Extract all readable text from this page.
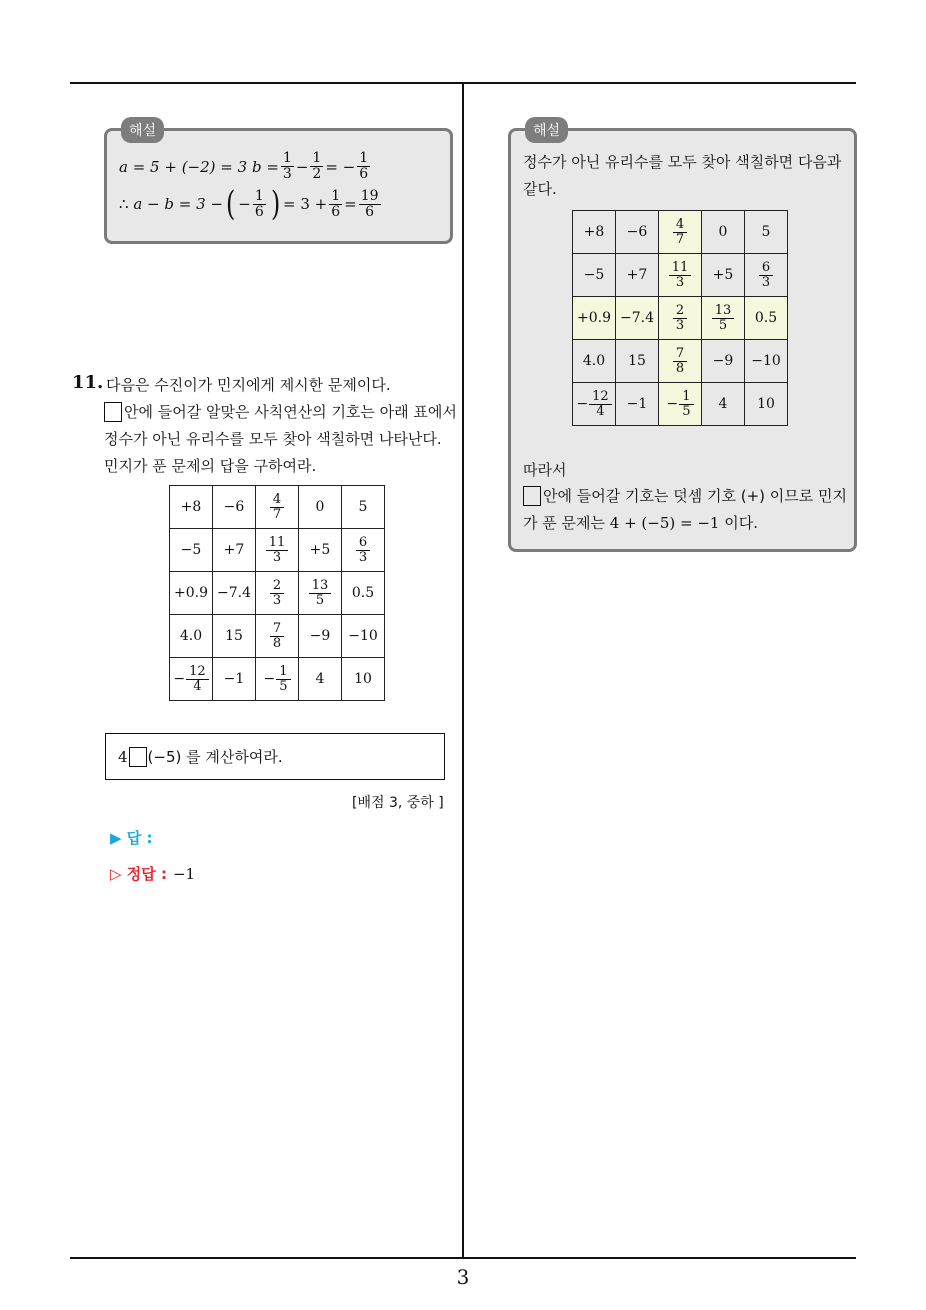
해설
a = 5 + (−2) = 3
$b = \frac{1}{3} - \frac{1}{2}$ = − $\frac{1}{6}$
∴
a − b = 3 − ( − $\frac{1}{6}$ ) = $3 + \frac{1}{6} = \frac{19}{6}$
11. 다음은 수진이가 민지에게 제시한 문제이다.
안에 들어갈 알맞은 사칙연산의 기호는 아래 표에서
정수가 아닌 유리수를 모두 찾아 색칠하면 나타난다.
민지가 푼 문제의 답을 구하여라.
+8	−6	$\frac{4}{7}$	0	5
−5	+7	$\frac{11}{3}$	+5	$\frac{6}{3}$

+0.9	−7.4	$\frac{2}{3}$	$\frac{13}{5}$	0.5
4.0	15	$\frac{7}{8}$	−9	−10
− $\frac{12}{4}$	−1	− $\frac{1}{5}$	4	10
4 (−5) 를 계산하여라.
[배점 3, 중하 ]
▶ 답 :
▷ 정답 : −1
해설
정수가 아닌 유리수를 모두 찾아 색칠하면 다음과
같다.
+8	−6	$\frac{4}{7}$	0	5
−5	+7	$\frac{11}{3}$	+5	$\frac{6}{3}$

+0.9	−7.4	$\frac{2}{3}$	$\frac{13}{5}$	0.5
4.0	15	$\frac{7}{8}$	−9	−10
− $\frac{12}{4}$	−1	− $\frac{1}{5}$	4	10
따라서
안에 들어갈 기호는 덧셈 기호 (+) 이므로 민지
가 푼 문제는 4 + (−5) = −1 이다.
3
